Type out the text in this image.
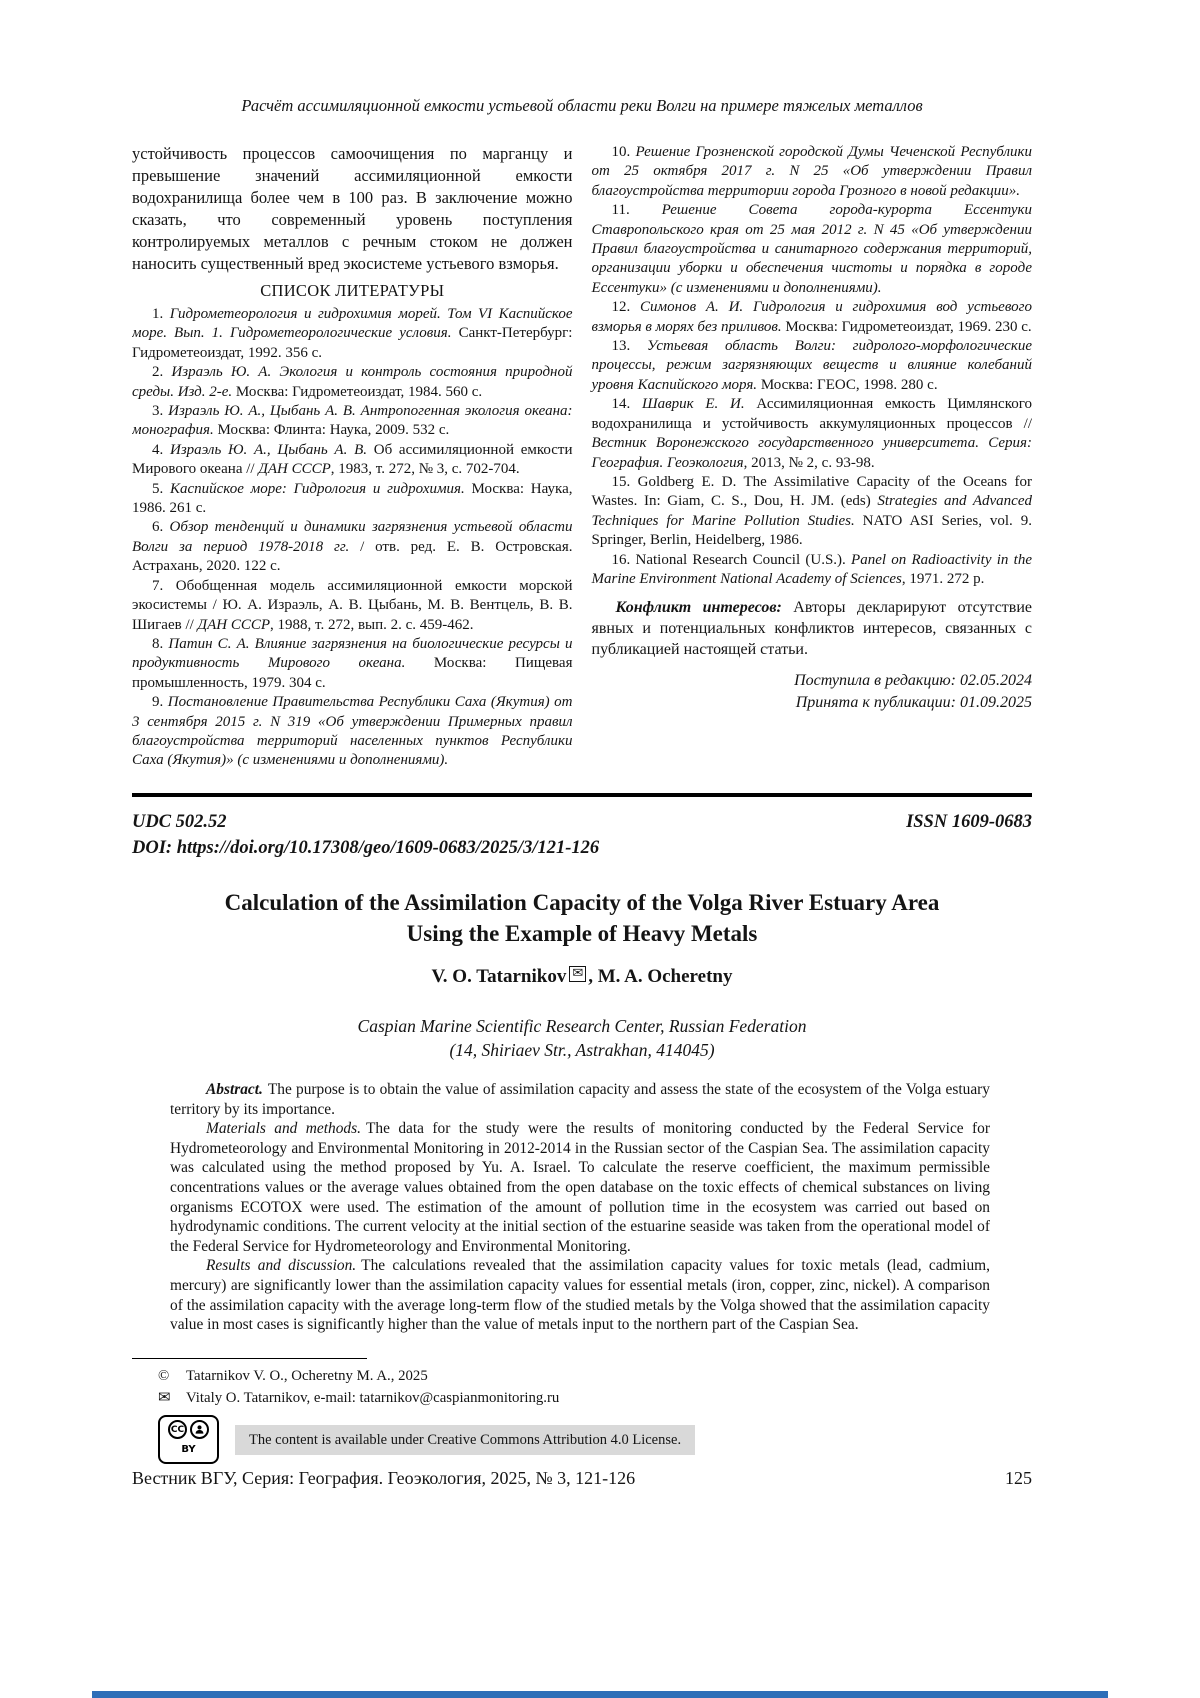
Расчёт ассимиляционной емкости устьевой области реки Волги на примере тяжелых металлов

устойчивость процессов самоочищения по марганцу и превышение значений ассимиляционной емкости водохранилища более чем в 100 раз. В заключение можно сказать, что современный уровень поступления контролируемых металлов с речным стоком не должен наносить существенный вред экосистеме устьевого взморья.

СПИСОК ЛИТЕРАТУРЫ

1. Гидрометеорология и гидрохимия морей. Том VI Каспийское море. Вып. 1. Гидрометеорологические условия. Санкт-Петербург: Гидрометеоиздат, 1992. 356 с.

2. Израэль Ю. А. Экология и контроль состояния природной среды. Изд. 2-е. Москва: Гидрометеоиздат, 1984. 560 с.

3. Израэль Ю. А., Цыбань А. В. Антропогенная экология океана: монография. Москва: Флинта: Наука, 2009. 532 с.

4. Израэль Ю. А., Цыбань А. В. Об ассимиляционной емкости Мирового океана // ДАН СССР, 1983, т. 272, № 3, с. 702-704.

5. Каспийское море: Гидрология и гидрохимия. Москва: Наука, 1986. 261 с.

6. Обзор тенденций и динамики загрязнения устьевой области Волги за период 1978-2018 гг. / отв. ред. Е. В. Островская. Астрахань, 2020. 122 с.

7. Обобщенная модель ассимиляционной емкости морской экосистемы / Ю. А. Израэль, А. В. Цыбань, М. В. Вентцель, В. В. Шигаев // ДАН СССР, 1988, т. 272, вып. 2. с. 459-462.

8. Патин С. А. Влияние загрязнения на биологические ресурсы и продуктивность Мирового океана. Москва: Пищевая промышленность, 1979. 304 с.

9. Постановление Правительства Республики Саха (Якутия) от 3 сентября 2015 г. N 319 «Об утверждении Примерных правил благоустройства территорий населенных пунктов Республики Саха (Якутия)» (с изменениями и дополнениями).

10. Решение Грозненской городской Думы Чеченской Республики от 25 октября 2017 г. N 25 «Об утверждении Правил благоустройства территории города Грозного в новой редакции».

11. Решение Совета города-курорта Ессентуки Ставропольского края от 25 мая 2012 г. N 45 «Об утверждении Правил благоустройства и санитарного содержания территорий, организации уборки и обеспечения чистоты и порядка в городе Ессентуки» (с изменениями и дополнениями).

12. Симонов А. И. Гидрология и гидрохимия вод устьевого взморья в морях без приливов. Москва: Гидрометеоиздат, 1969. 230 с.

13. Устьевая область Волги: гидролого-морфологические процессы, режим загрязняющих веществ и влияние колебаний уровня Каспийского моря. Москва: ГЕОС, 1998. 280 с.

14. Шаврик Е. И. Ассимиляционная емкость Цимлянского водохранилища и устойчивость аккумуляционных процессов // Вестник Воронежского государственного университета. Серия: География. Геоэкология, 2013, № 2, с. 93-98.

15. Goldberg E. D. The Assimilative Capacity of the Oceans for Wastes. In: Giam, C. S., Dou, H. JM. (eds) Strategies and Advanced Techniques for Marine Pollution Studies. NATO ASI Series, vol. 9. Springer, Berlin, Heidelberg, 1986.

16. National Research Council (U.S.). Panel on Radioactivity in the Marine Environment National Academy of Sciences, 1971. 272 p.

Конфликт интересов: Авторы декларируют отсутствие явных и потенциальных конфликтов интересов, связанных с публикацией настоящей статьи.

Поступила в редакцию: 02.05.2024

Принята к публикации: 01.09.2025

UDC 502.52	ISSN 1609-0683
DOI: https://doi.org/10.17308/geo/1609-0683/2025/3/121-126
Calculation of the Assimilation Capacity of the Volga River Estuary Area
Using the Example of Heavy Metals
V. O. Tatarnikov ✉ , M. A. Ocheretny
Caspian Marine Scientific Research Center, Russian Federation
(14, Shiriaev Str., Astrakhan, 414045)

Abstract. The purpose is to obtain the value of assimilation capacity and assess the state of the ecosystem of the Volga estuary territory by its importance.

Materials and methods. The data for the study were the results of monitoring conducted by the Federal Service for Hydrometeorology and Environmental Monitoring in 2012-2014 in the Russian sector of the Caspian Sea. The assimilation capacity was calculated using the method proposed by Yu. A. Israel. To calculate the reserve coefficient, the maximum permissible concentrations values or the average values obtained from the open database on the toxic effects of chemical substances on living organisms ECOTOX were used. The estimation of the amount of pollution time in the ecosystem was carried out based on hydrodynamic conditions. The current velocity at the initial section of the estuarine seaside was taken from the operational model of the Federal Service for Hydrometeorology and Environmental Monitoring.

Results and discussion. The calculations revealed that the assimilation capacity values for toxic metals (lead, cadmium, mercury) are significantly lower than the assimilation capacity values for essential metals (iron, copper, zinc, nickel). A comparison of the assimilation capacity with the average long-term flow of the studied metals by the Volga showed that the assimilation capacity value in most cases is significantly higher than the value of metals input to the northern part of the Caspian Sea.

© Tatarnikov V. O., Ocheretny M. A., 2025
✉ Vitaly O. Tatarnikov, e-mail: tatarnikov@caspianmonitoring.ru
CC
BY
The content is available under Creative Commons Attribution 4.0 License.
Вестник ВГУ, Серия: География. Геоэкология, 2025, № 3, 121-126	125
